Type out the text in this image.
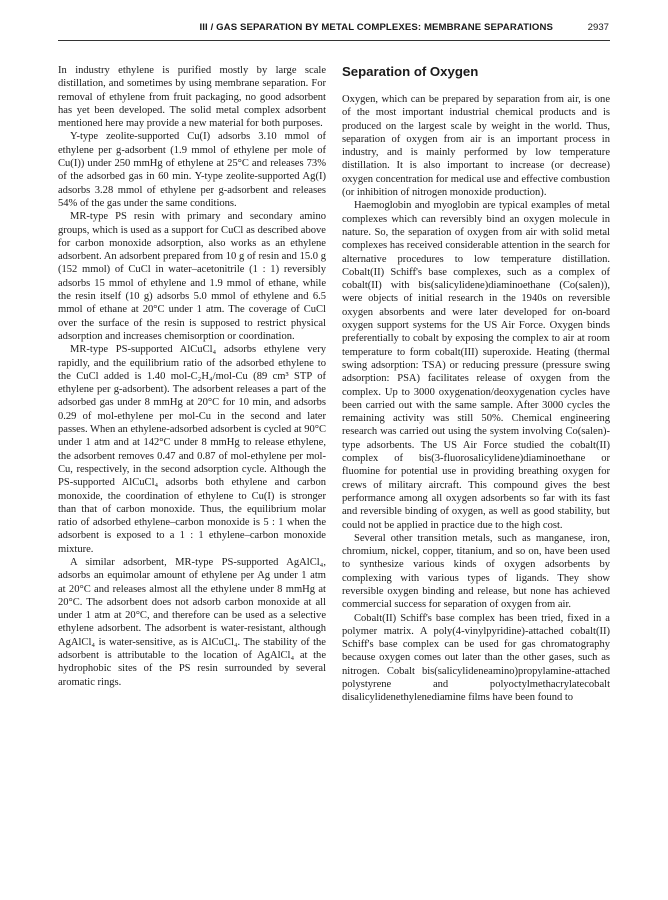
III / GAS SEPARATION BY METAL COMPLEXES: MEMBRANE SEPARATIONS	2937

In industry ethylene is purified mostly by large scale distillation, and sometimes by using membrane separation. For removal of ethylene from fruit packaging, no good adsorbent has yet been developed. The solid metal complex adsorbent mentioned here may provide a new material for both purposes.

Y-type zeolite-supported Cu(I) adsorbs 3.10 mmol of ethylene per g-adsorbent (1.9 mmol of ethylene per mole of Cu(I)) under 250 mmHg of ethylene at 25°C and releases 73% of the adsorbed gas in 60 min. Y-type zeolite-supported Ag(I) adsorbs 3.28 mmol of ethylene per g-adsorbent and releases 54% of the gas under the same conditions.

MR-type PS resin with primary and secondary amino groups, which is used as a support for CuCl as described above for carbon monoxide adsorption, also works as an ethylene adsorbent. An adsorbent prepared from 10 g of resin and 15.0 g (152 mmol) of CuCl in water–acetonitrile (1 : 1) reversibly adsorbs 15 mmol of ethylene and 1.9 mmol of ethane, while the resin itself (10 g) adsorbs 5.0 mmol of ethylene and 6.5 mmol of ethane at 20°C under 1 atm. The coverage of CuCl over the surface of the resin is supposed to restrict physical adsorption and increases chemisorption or coordination.

MR-type PS-supported AlCuCl₄ adsorbs ethylene very rapidly, and the equilibrium ratio of the adsorbed ethylene to the CuCl added is 1.40 mol-C₂H₄/mol-Cu (89 cm³ STP of ethylene per g-adsorbent). The adsorbent releases a part of the adsorbed gas under 8 mmHg at 20°C for 10 min, and adsorbs 0.29 of mol-ethylene per mol-Cu in the second and later passes. When an ethylene-adsorbed adsorbent is cycled at 90°C under 1 atm and at 142°C under 8 mmHg to release ethylene, the adsorbent removes 0.47 and 0.87 of mol-ethylene per mol-Cu, respectively, in the second adsorption cycle. Although the PS-supported AlCuCl₄ adsorbs both ethylene and carbon monoxide, the coordination of ethylene to Cu(I) is stronger than that of carbon monoxide. Thus, the equilibrium molar ratio of adsorbed ethylene–carbon monoxide is 5 : 1 when the adsorbent is exposed to a 1 : 1 ethylene–carbon monoxide mixture.

A similar adsorbent, MR-type PS-supported AgAlCl₄, adsorbs an equimolar amount of ethylene per Ag under 1 atm at 20°C and releases almost all the ethylene under 8 mmHg at 20°C. The adsorbent does not adsorb carbon monoxide at all under 1 atm at 20°C, and therefore can be used as a selective ethylene adsorbent. The adsorbent is water-resistant, although AgAlCl₄ is water-sensitive, as is AlCuCl₄. The stability of the adsorbent is attributable to the location of AgAlCl₄ at the hydrophobic sites of the PS resin surrounded by several aromatic rings.

Separation of Oxygen

Oxygen, which can be prepared by separation from air, is one of the most important industrial chemical products and is produced on the largest scale by weight in the world. Thus, separation of oxygen from air is an important process in industry, and is mainly performed by low temperature distillation. It is also important to increase (or decrease) oxygen concentration for medical use and effective combustion (or inhibition of nitrogen monoxide production).

Haemoglobin and myoglobin are typical examples of metal complexes which can reversibly bind an oxygen molecule in nature. So, the separation of oxygen from air with solid metal complexes has received considerable attention in the search for alternative procedures to low temperature distillation. Cobalt(II) Schiff's base complexes, such as a complex of cobalt(II) with bis(salicylidene)diaminoethane (Co(salen)), were objects of initial research in the 1940s on reversible oxygen absorbents and were later developed for on-board oxygen support systems for the US Air Force. Oxygen binds preferentially to cobalt by exposing the complex to air at room temperature to form cobalt(III) superoxide. Heating (thermal swing adsorption: TSA) or reducing pressure (pressure swing adsorption: PSA) facilitates release of oxygen from the complex. Up to 3000 oxygenation/deoxygenation cycles have been carried out with the same sample. After 3000 cycles the remaining activity was still 50%. Chemical engineering research was carried out using the system involving Co(salen)-type adsorbents. The US Air Force studied the cobalt(II) complex of bis(3-fluorosalicylidene)diaminoethane or fluomine for potential use in providing breathing oxygen for crews of military aircraft. This compound gives the best performance among all oxygen adsorbents so far with its fast and reversible binding of oxygen, as well as good stability, but could not be applied in practice due to the high cost.

Several other transition metals, such as manganese, iron, chromium, nickel, copper, titanium, and so on, have been used to synthesize various kinds of oxygen adsorbents by complexing with various types of ligands. They show reversible oxygen binding and release, but none has achieved commercial success for separation of oxygen from air.

Cobalt(II) Schiff's base complex has been tried, fixed in a polymer matrix. A poly(4-vinylpyridine)-attached cobalt(II) Schiff's base complex can be used for gas chromatography because oxygen comes out later than the other gases, such as nitrogen. Cobalt bis(salicylideneamino)propylamine-attached polystyrene and polyoctylmethacrylatecobalt disalicylidenethylenediamine films have been found to
